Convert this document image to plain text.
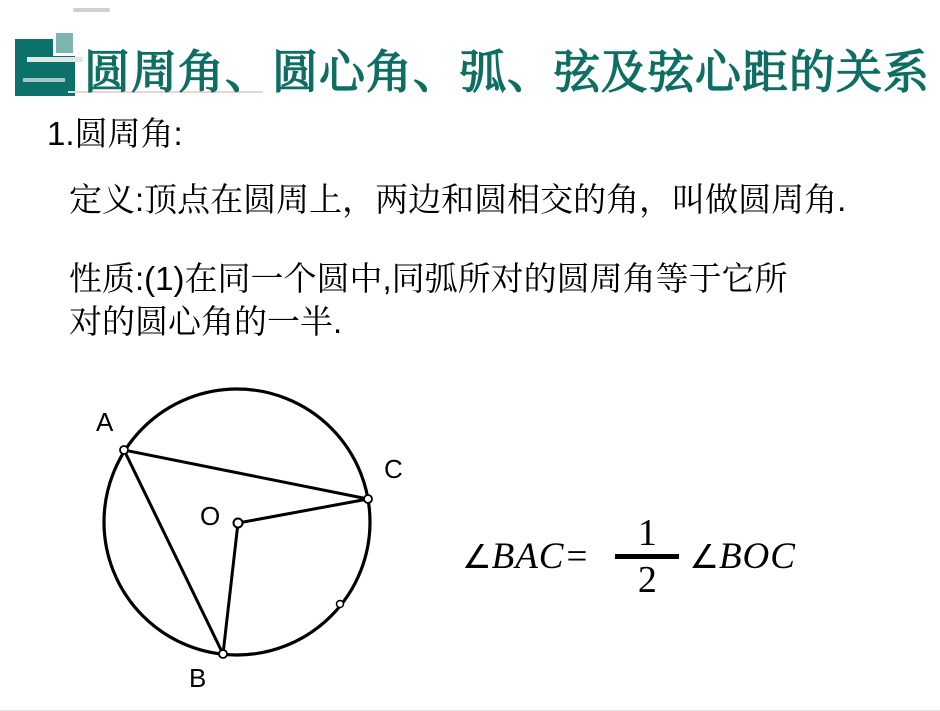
圆周角、圆心角、弧、弦及弦心距的关系
1.圆周角:
定义:顶点在圆周上，两边和圆相交的角，叫做圆周角.
性质:(1)在同一个圆中,同弧所对的圆周角等于它所
对的圆心角的一半.
A
B
C
O
∠ BAC =
1
2
∠ BOC
